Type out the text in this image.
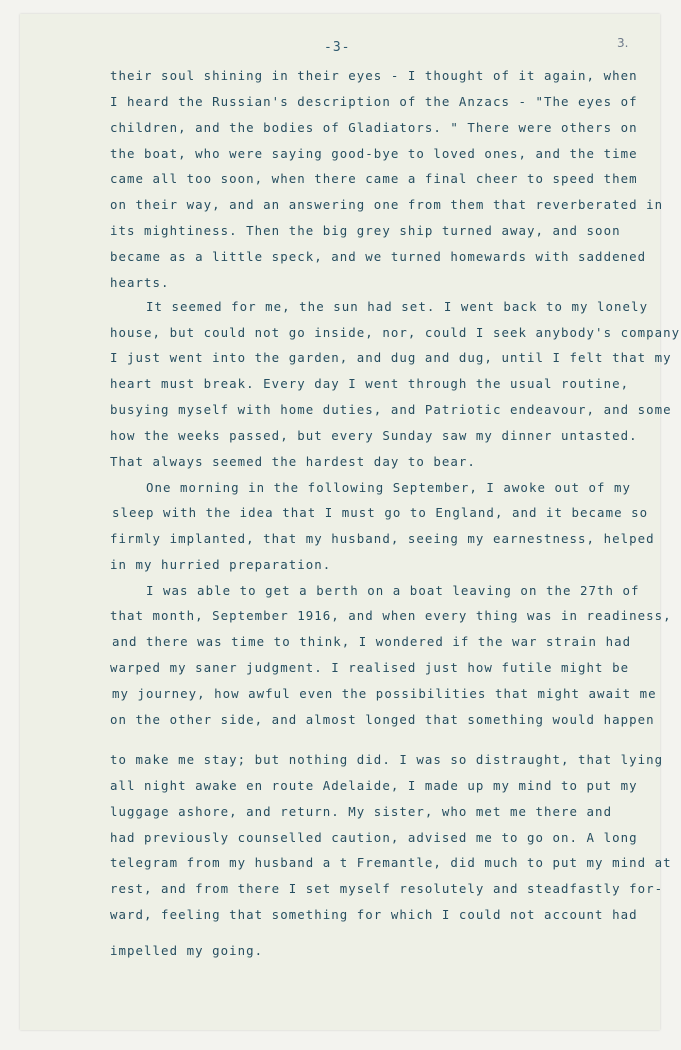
-3-	3.
their soul shining in their eyes - I thought of it again, when
I heard the Russian's description of the Anzacs - "The eyes of
children, and the bodies of Gladiators. " There were others on
the boat, who were saying good-bye to loved ones, and the time
came all too soon, when there came a final cheer to speed them
on their way, and an answering one from them that reverberated in
its mightiness. Then the big grey ship turned away, and soon
became as a little speck, and we turned homewards with saddened
hearts.
It seemed for me, the sun had set. I went back to my lonely
house, but could not go inside, nor, could I seek anybody's company
I just went into the garden, and dug and dug, until I felt that my
heart must break. Every day I went through the usual routine,
busying myself with home duties, and Patriotic endeavour, and some
how the weeks passed, but every Sunday saw my dinner untasted.
That always seemed the hardest day to bear.
One morning in the following September, I awoke out of my
sleep with the idea that I must go to England, and it became so
firmly implanted, that my husband, seeing my earnestness, helped
in my hurried preparation.
I was able to get a berth on a boat leaving on the 27th of
that month, September 1916, and when every thing was in readiness,
and there was time to think, I wondered if the war strain had
warped my saner judgment. I realised just how futile might be
my journey, how awful even the possibilities that might await me
on the other side, and almost longed that something would happen
to make me stay; but nothing did. I was so distraught, that lying
all night awake en route Adelaide, I made up my mind to put my
luggage ashore, and return. My sister, who met me there and
had previously counselled caution, advised me to go on. A long
telegram from my husband a t Fremantle, did much to put my mind at
rest, and from there I set myself resolutely and steadfastly for-
ward, feeling that something for which I could not account had
impelled my going.
